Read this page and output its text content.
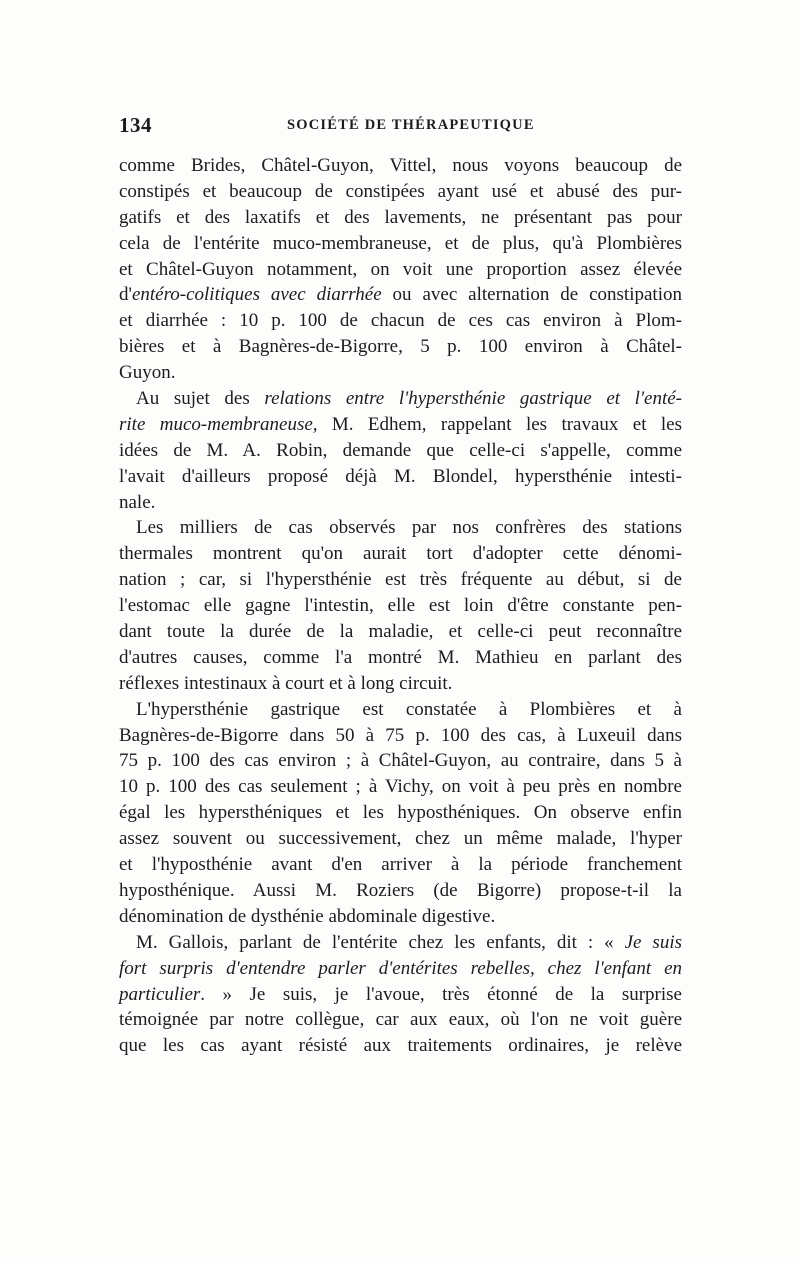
134	SOCIÉTÉ DE THÉRAPEUTIQUE
comme Brides, Châtel-Guyon, Vittel, nous voyons beaucoup de
constipés et beaucoup de constipées ayant usé et abusé des pur-
gatifs et des laxatifs et des lavements, ne présentant pas pour
cela de l'entérite muco-membraneuse, et de plus, qu'à Plombières
et Châtel-Guyon notamment, on voit une proportion assez élevée
d'entéro-colitiques avec diarrhée ou avec alternation de constipation
et diarrhée : 10 p. 100 de chacun de ces cas environ à Plom-
bières et à Bagnères-de-Bigorre, 5 p. 100 environ à Châtel-
Guyon.
Au sujet des relations entre l'hypersthénie gastrique et l'enté-
rite muco-membraneuse, M. Edhem, rappelant les travaux et les
idées de M. A. Robin, demande que celle-ci s'appelle, comme
l'avait d'ailleurs proposé déjà M. Blondel, hypersthénie intesti-
nale.
Les milliers de cas observés par nos confrères des stations
thermales montrent qu'on aurait tort d'adopter cette dénomi-
nation ; car, si l'hypersthénie est très fréquente au début, si de
l'estomac elle gagne l'intestin, elle est loin d'être constante pen-
dant toute la durée de la maladie, et celle-ci peut reconnaître
d'autres causes, comme l'a montré M. Mathieu en parlant des
réflexes intestinaux à court et à long circuit.
L'hypersthénie gastrique est constatée à Plombières et à
Bagnères-de-Bigorre dans 50 à 75 p. 100 des cas, à Luxeuil dans
75 p. 100 des cas environ ; à Châtel-Guyon, au contraire, dans 5 à
10 p. 100 des cas seulement ; à Vichy, on voit à peu près en nombre
égal les hypersthéniques et les hyposthéniques. On observe enfin
assez souvent ou successivement, chez un même malade, l'hyper
et l'hyposthénie avant d'en arriver à la période franchement
hyposthénique. Aussi M. Roziers (de Bigorre) propose-t-il la
dénomination de dysthénie abdominale digestive.
M. Gallois, parlant de l'entérite chez les enfants, dit : « Je suis
fort surpris d'entendre parler d'entérites rebelles, chez l'enfant en
particulier. » Je suis, je l'avoue, très étonné de la surprise
témoignée par notre collègue, car aux eaux, où l'on ne voit guère
que les cas ayant résisté aux traitements ordinaires, je relève
